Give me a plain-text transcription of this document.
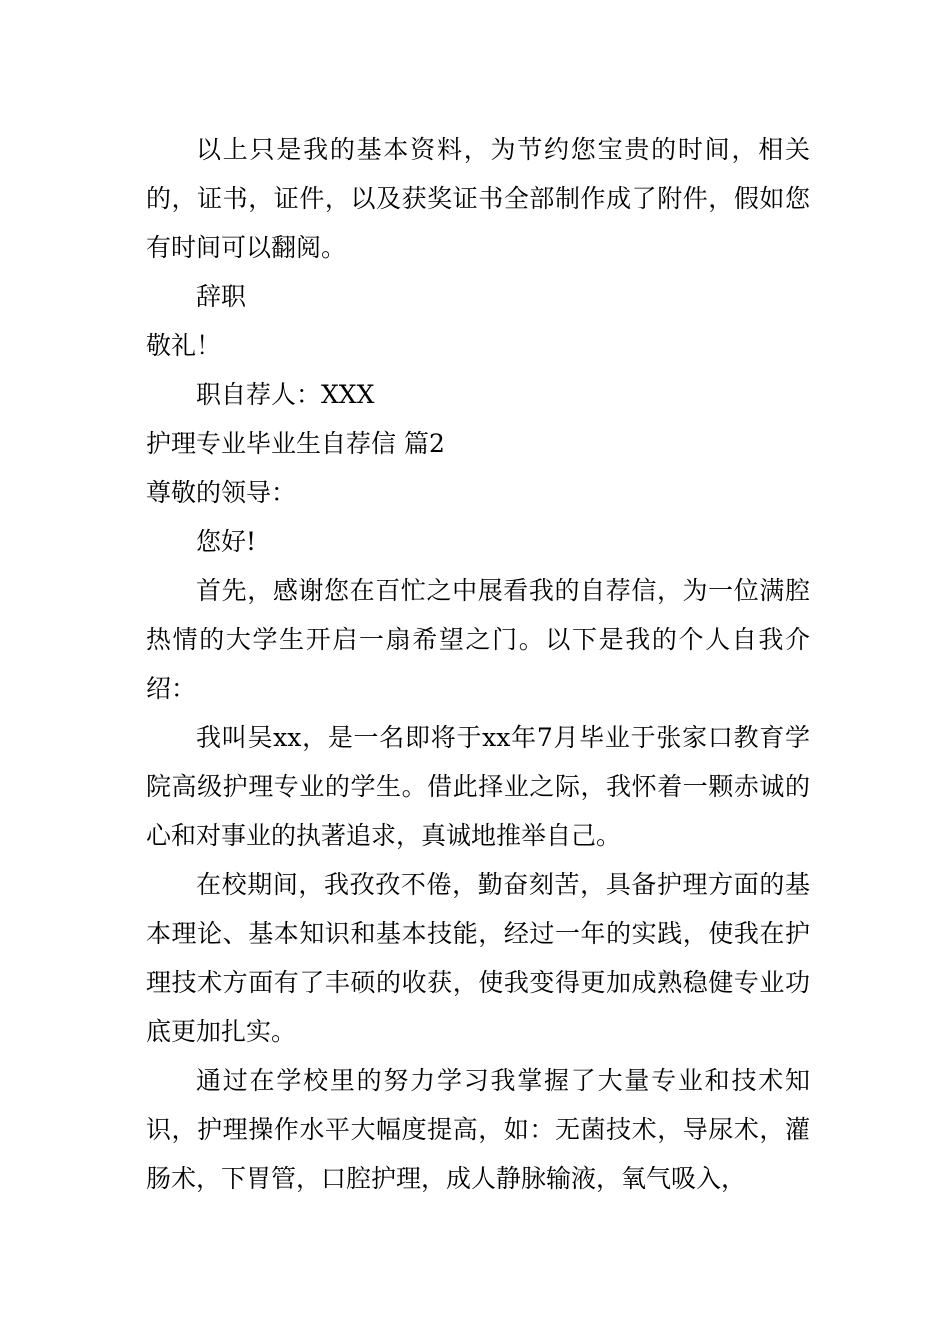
以上只是我的基本资料，为节约您宝贵的时间，相关的，证书，证件，以及获奖证书全部制作成了附件，假如您有时间可以翻阅。

辞职

敬礼！

职自荐人：XXX

护理专业毕业生自荐信 篇2

尊敬的领导：

您好!

首先，感谢您在百忙之中展看我的自荐信，为一位满腔热情的大学生开启一扇希望之门。以下是我的个人自我介绍：

我叫吴xx，是一名即将于xx年7月毕业于张家口教育学院高级护理专业的学生。借此择业之际，我怀着一颗赤诚的心和对事业的执著追求，真诚地推举自己。

在校期间，我孜孜不倦，勤奋刻苦，具备护理方面的基本理论、基本知识和基本技能，经过一年的实践，使我在护理技术方面有了丰硕的收获，使我变得更加成熟稳健专业功底更加扎实。

通过在学校里的努力学习我掌握了大量专业和技术知识，护理操作水平大幅度提高，如：无菌技术，导尿术，灌肠术，下胃管，口腔护理，成人静脉输液，氧气吸入，
